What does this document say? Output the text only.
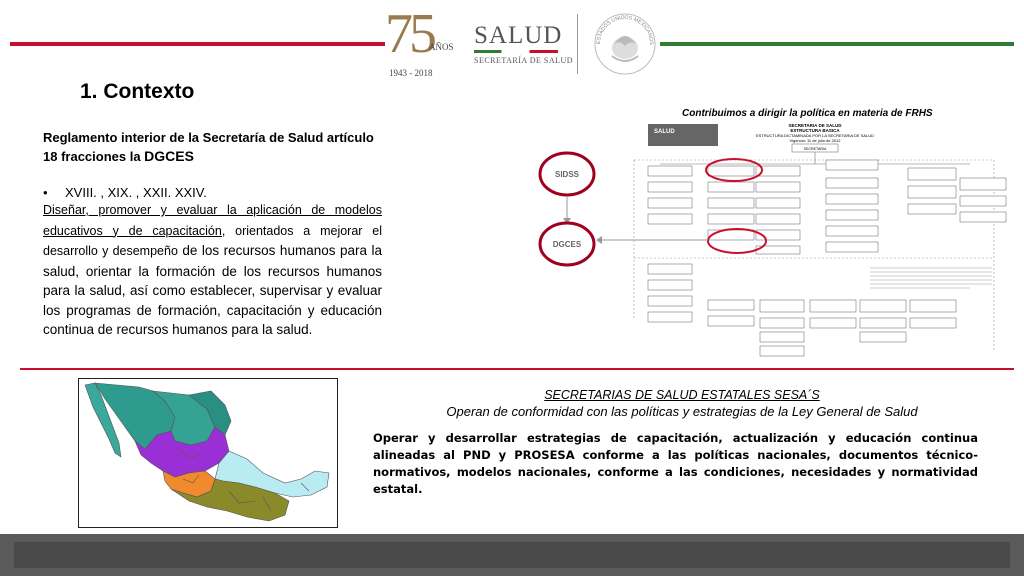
75
AÑOS
1943 - 2018
SALUD
SECRETARÍA DE SALUD
ESTADOS UNIDOS MEXICANOS
1. Contexto
Reglamento interior de la Secretaría de Salud artículo
18 fracciones la DGCES
• XVIII. , XIX. , XXII. XXIV.
Diseñar, promover y evaluar la aplicación de modelos educativos y de capacitación, orientados a mejorar el desarrollo y desempeño de los recursos humanos para la salud, orientar la formación de los recursos humanos para la salud, así como establecer, supervisar y evaluar los programas de formación, capacitación y educación continua de recursos humanos para la salud.
Contribuimos a dirigir la política en materia de FRHS
SALUD
SECRETARIA DE SALUD
ESTRUCTURA BASICA
ESTRUCTURA DICTAMINADA POR LA SECRETARIA DE SALUD
Vigencia: 11 de julio de 2012
SECRETARIA
SIDSS
DGCES
SECRETARIAS DE SALUD ESTATALES SESA´S
Operan de conformidad con las políticas y estrategias de la Ley General de Salud
Operar y desarrollar estrategias de capacitación, actualización y educación continua alineadas al PND y PROSESA conforme a las políticas nacionales, documentos técnico-normativos, modelos nacionales, conforme a las condiciones, necesidades y normatividad estatal.
